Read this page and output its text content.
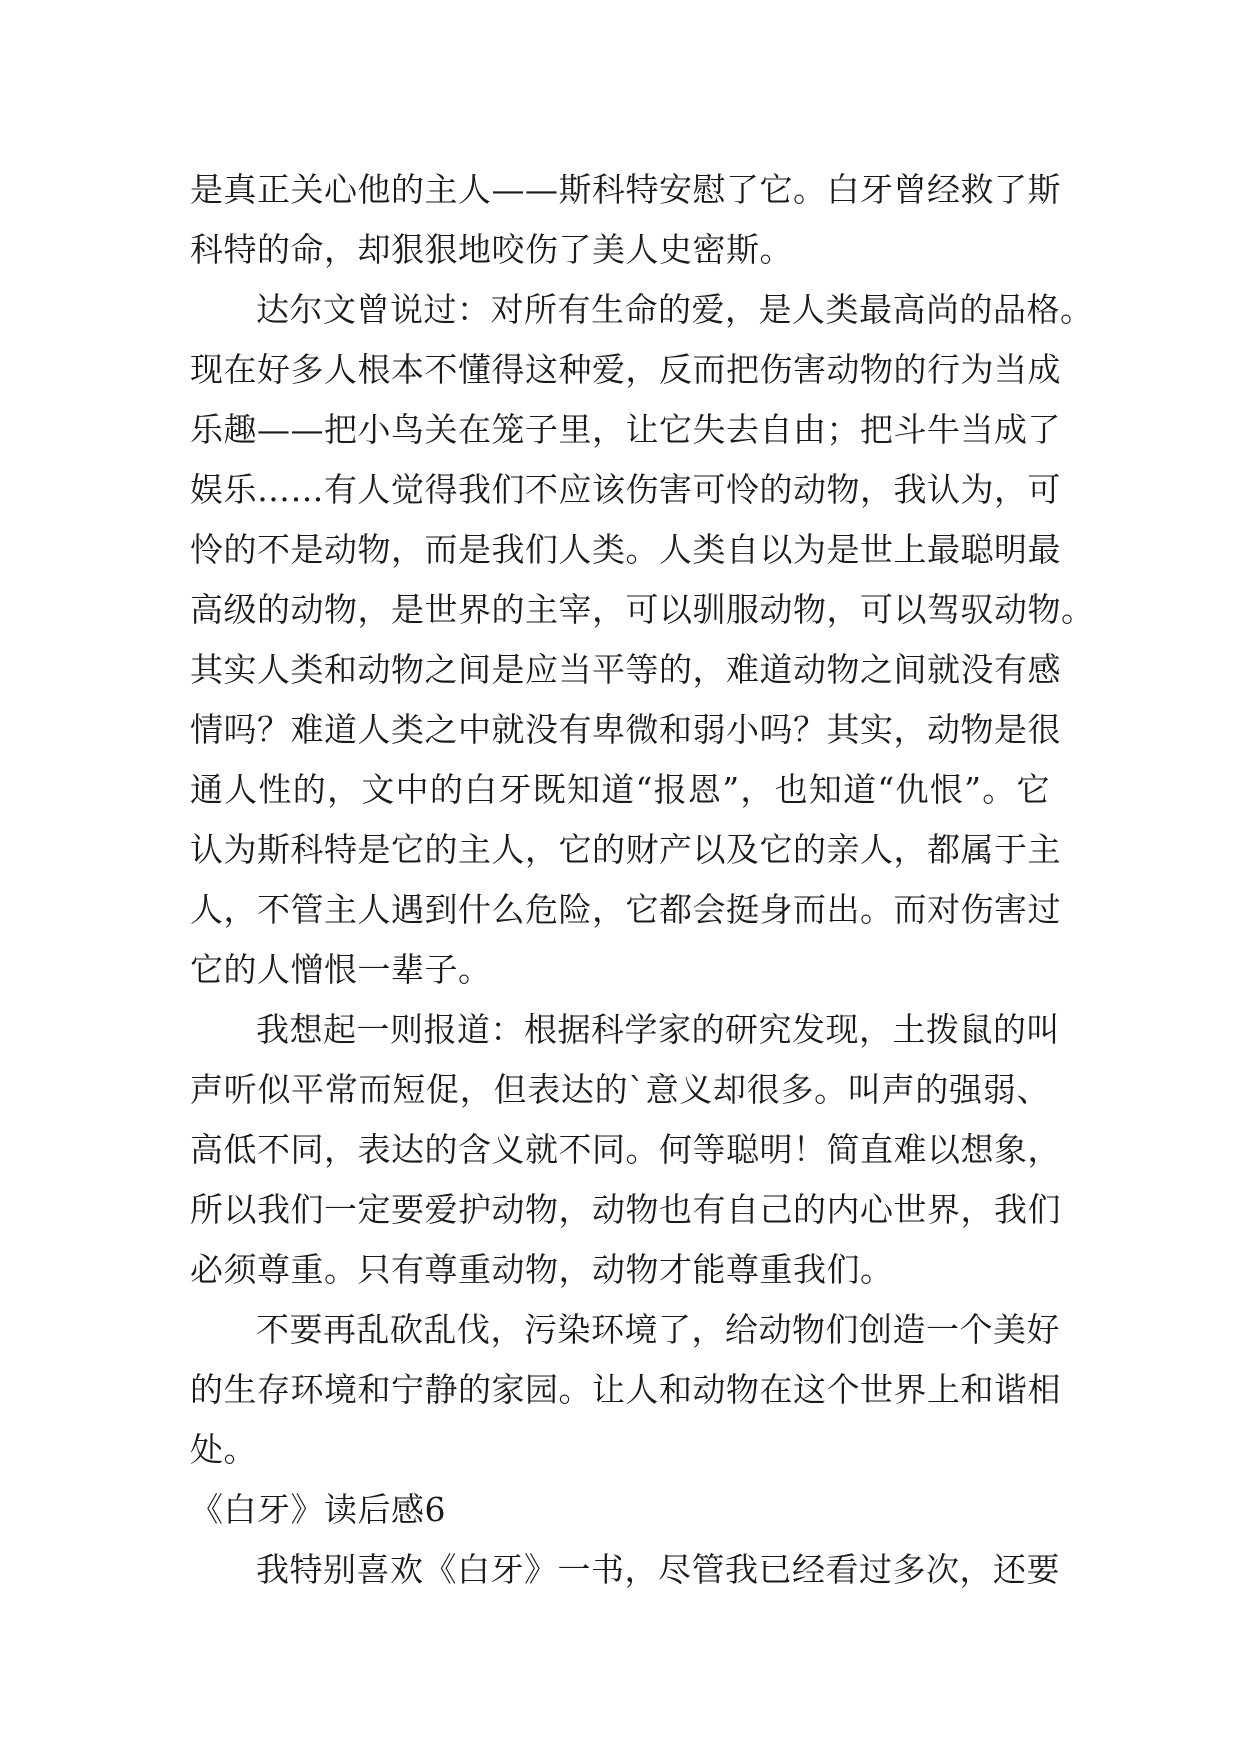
是真正关心他的主人——斯科特安慰了它。白牙曾经救了斯
科特的命，却狠狠地咬伤了美人史密斯。
达尔文曾说过：对所有生命的爱，是人类最高尚的品格。
现在好多人根本不懂得这种爱，反而把伤害动物的行为当成
乐趣——把小鸟关在笼子里，让它失去自由；把斗牛当成了
娱乐……有人觉得我们不应该伤害可怜的动物，我认为，可
怜的不是动物，而是我们人类。人类自以为是世上最聪明最
高级的动物，是世界的主宰，可以驯服动物，可以驾驭动物。
其实人类和动物之间是应当平等的，难道动物之间就没有感
情吗？难道人类之中就没有卑微和弱小吗？其实，动物是很
通人性的，文中的白牙既知道“报恩”，也知道“仇恨”。它
认为斯科特是它的主人，它的财产以及它的亲人，都属于主
人，不管主人遇到什么危险，它都会挺身而出。而对伤害过
它的人憎恨一辈子。
我想起一则报道：根据科学家的研究发现，土拨鼠的叫
声听似平常而短促，但表达的`意义却很多。叫声的强弱、
高低不同，表达的含义就不同。何等聪明！简直难以想象，
所以我们一定要爱护动物，动物也有自己的内心世界，我们
必须尊重。只有尊重动物，动物才能尊重我们。
不要再乱砍乱伐，污染环境了，给动物们创造一个美好
的生存环境和宁静的家园。让人和动物在这个世界上和谐相
处。
《白牙》读后感6
我特别喜欢《白牙》一书，尽管我已经看过多次，还要
